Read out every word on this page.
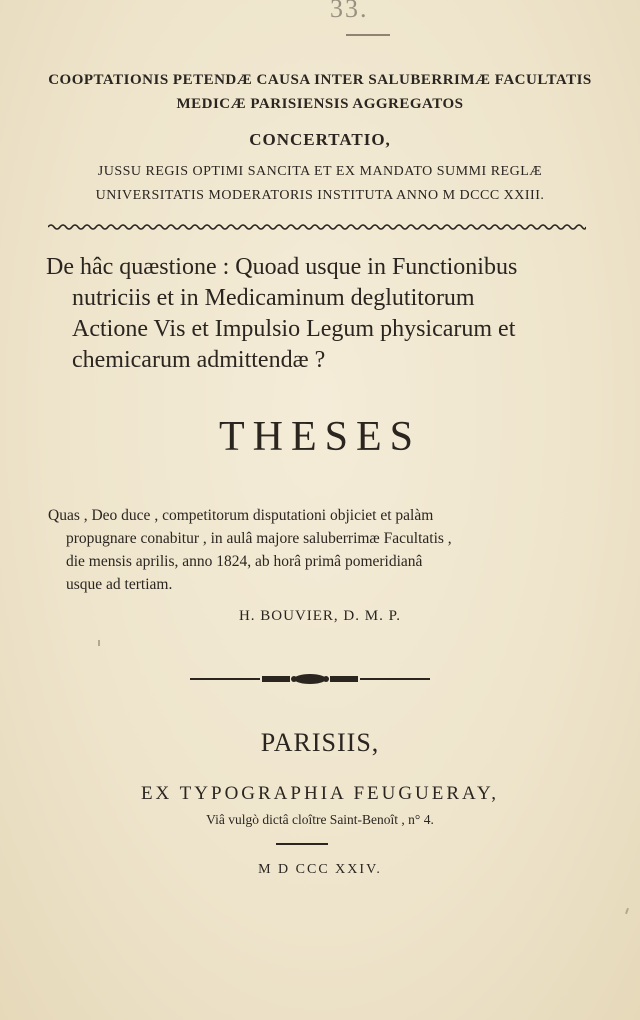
33.
COOPTATIONIS PETENDÆ CAUSA INTER SALUBERRIMÆ FACULTATIS
MEDICÆ PARISIENSIS AGGREGATOS
CONCERTATIO,
JUSSU REGIS OPTIMI SANCITA ET EX MANDATO SUMMI REGLÆ
UNIVERSITATIS MODERATORIS INSTITUTA ANNO M DCCC XXIII.
De hâc quæstione : Quoad usque in Functionibus
nutriciis et in Medicaminum deglutitorum
Actione Vis et Impulsio Legum physicarum et
chemicarum admittendæ ?
THESES
Quas , Deo duce , competitorum disputationi objiciet et palàm
propugnare conabitur , in aulâ majore saluberrimæ Facultatis ,
die mensis aprilis, anno 1824, ab horâ primâ pomeridianâ
usque ad tertiam.
H. BOUVIER, D. M. P.
PARISIIS,
EX TYPOGRAPHIA FEUGUERAY,
Viâ vulgò dictâ cloître Saint-Benoît , n° 4.
M D CCC XXIV.
